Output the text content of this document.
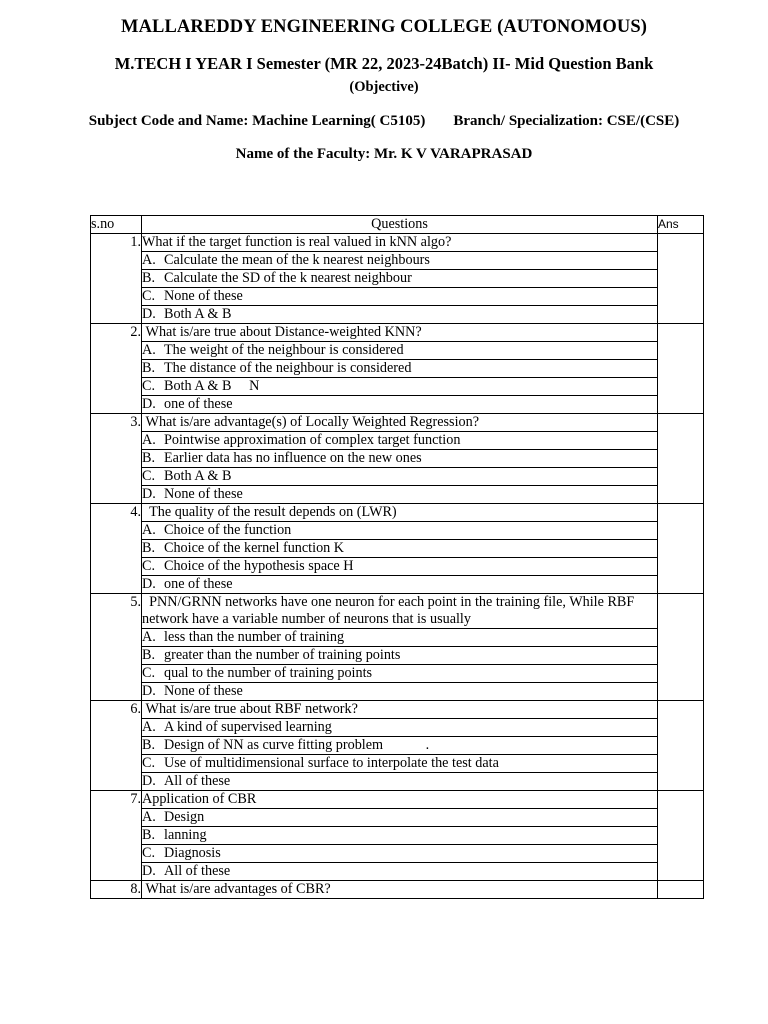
MALLAREDDY ENGINEERING COLLEGE (AUTONOMOUS)
M.TECH I YEAR I Semester (MR 22, 2023-24Batch) II- Mid Question Bank
(Objective)
Subject Code and Name: Machine Learning( C5105) Branch/ Specialization: CSE/(CSE)
Name of the Faculty: Mr. K V VARAPRASAD
s.no	Questions	Ans
1.	What if the target function is real valued in kNN algo?	
	A. Calculate the mean of the k nearest neighbours	
	B. Calculate the SD of the k nearest neighbour	
	C. None of these	
	D. Both A & B	
2.	What is/are true about Distance-weighted KNN?	
	A. The weight of the neighbour is considered	
	B. The distance of the neighbour is considered	
	C. Both A & B     N	
	D. one of these	
3.	What is/are advantage(s) of Locally Weighted Regression?	
	A. Pointwise approximation of complex target function	
	B. Earlier data has no influence on the new ones	
	C. Both A & B	
	D. None of these	
4.	The quality of the result depends on (LWR)	
	A. Choice of the function	
	B. Choice of the kernel function K	
	C. Choice of the hypothesis space H	
	D. one of these	
5.	PNN/GRNN networks have one neuron for each point in the training file, While RBF network have a variable number of neurons that is usually	
	A. less than the number of training	
	B. greater than the number of training points	
	C. qual to the number of training points	
	D. None of these	
6.	What is/are true about RBF network?	
	A. A kind of supervised learning	
	B. Design of NN as curve fitting problem            .	
	C. Use of multidimensional surface to interpolate the test data	
	D. All of these	
7.	Application of CBR	
	A. Design	
	B. lanning	
	C. Diagnosis	
	D. All of these	
8.	What is/are advantages of CBR?	
